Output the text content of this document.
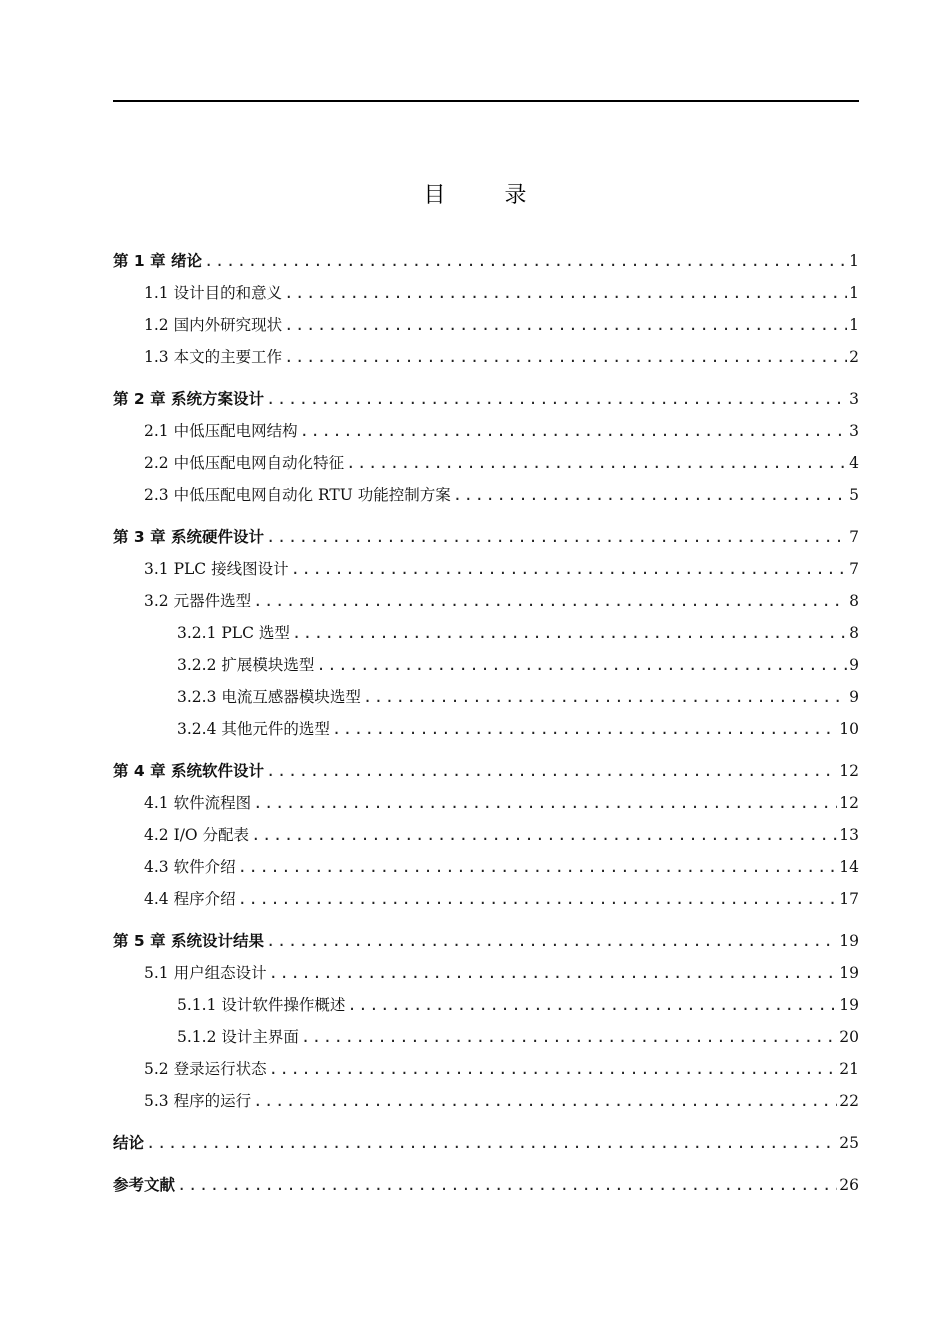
目 录
第 1 章 绪论 .....	1
1.1 设计目的和意义 .....	1
1.2 国内外研究现状 .....	1
1.3 本文的主要工作 .....	2
第 2 章 系统方案设计 .....	3
2.1 中低压配电网结构 .....	3
2.2 中低压配电网自动化特征 .....	4
2.3 中低压配电网自动化 RTU 功能控制方案 .....	5
第 3 章 系统硬件设计 .....	7
3.1 PLC 接线图设计 .....	7
3.2 元器件选型 .....	8
3.2.1 PLC 选型 .....	8
3.2.2 扩展模块选型 .....	9
3.2.3 电流互感器模块选型 .....	9
3.2.4 其他元件的选型 .....	10
第 4 章 系统软件设计 .....	12
4.1 软件流程图 .....	12
4.2 I/O 分配表 .....	13
4.3 软件介绍 .....	14
4.4 程序介绍 .....	17
第 5 章 系统设计结果 .....	19
5.1 用户组态设计 .....	19
5.1.1 设计软件操作概述 .....	19
5.1.2 设计主界面 .....	20
5.2 登录运行状态 .....	21
5.3 程序的运行 .....	22
结论 .....	25
参考文献 .....	26
